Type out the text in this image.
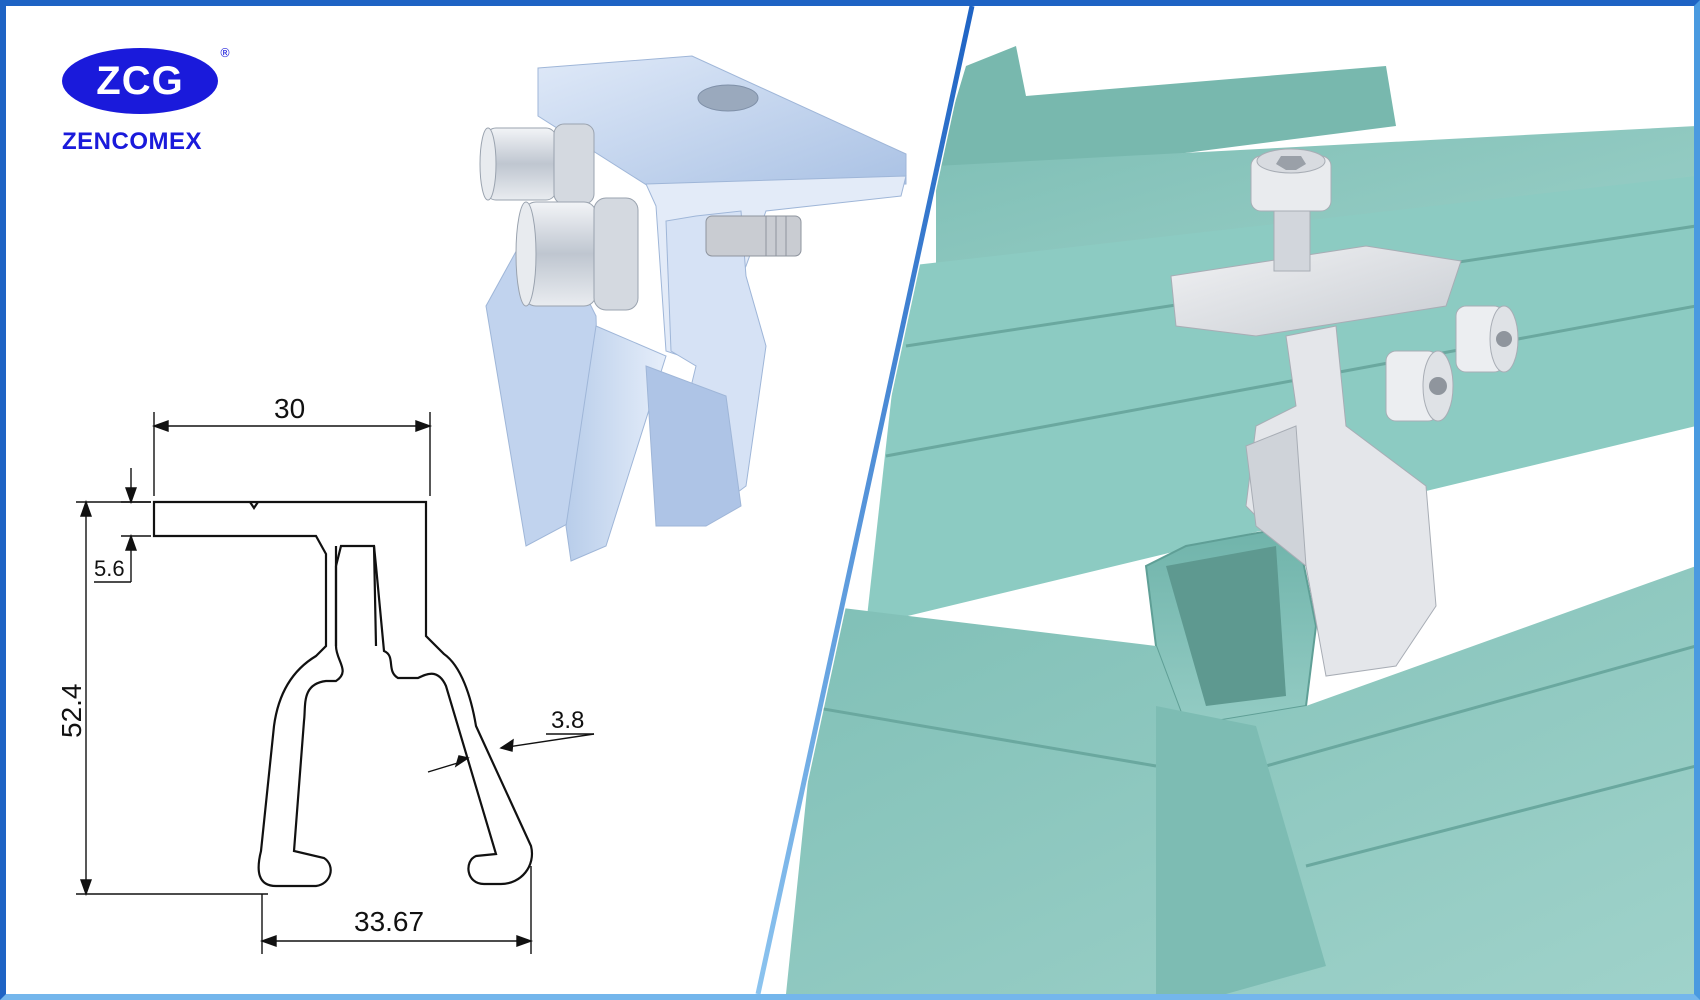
ZCG
®
ZENCOMEX
30
5.6
52.4	3.8
33.67
